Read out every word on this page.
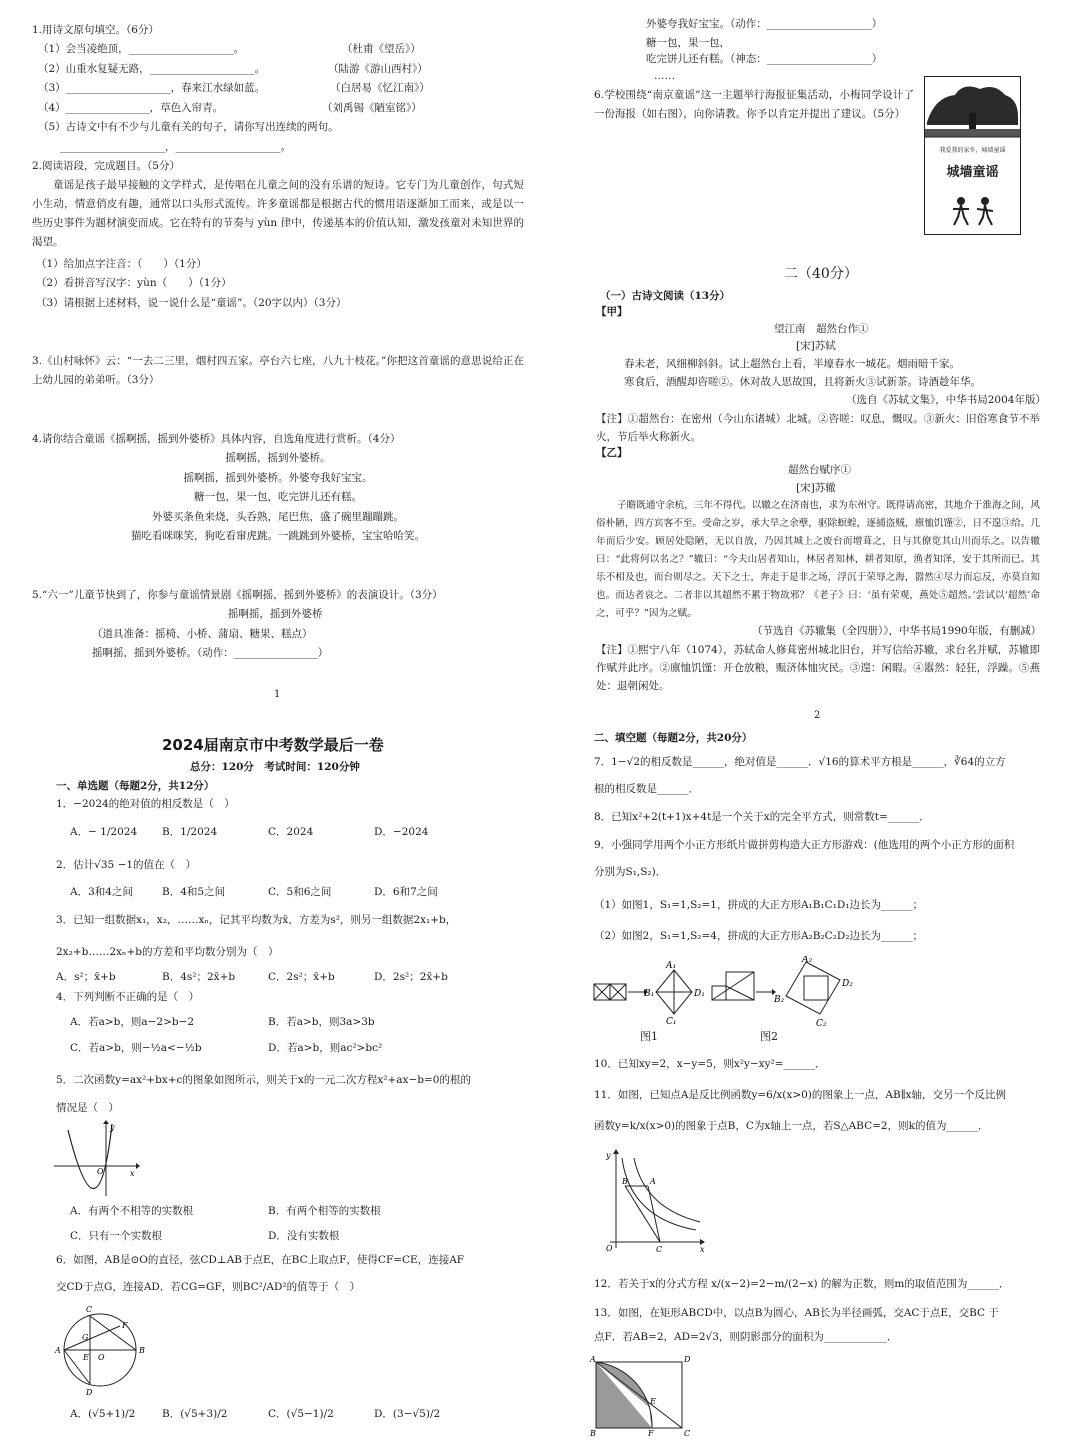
1.用诗文原句填空。（6分）
（1）会当凌绝顶，____________________。	（杜甫《望岳》）
（2）山重水复疑无路，____________________。	（陆游《游山西村》）
（3）____________________，春来江水绿如蓝。	（白居易《忆江南》）
（4）________________，草色入帘青。	（刘禹锡《陋室铭》）
（5）古诗文中有不少与儿童有关的句子，请你写出连续的两句。
____________________，____________________。
2.阅读语段，完成题目。（5分）
童谣是孩子最早接触的文学样式，是传唱在儿童之间的没有乐谱的短诗。它专门为儿童创作，句式短小生动，情意俏皮有趣，通常以口头形式流传。许多童谣都是根据古代的惯用语逐渐加工而来，或是以一些历史事件为题材演变而成。它在特有的节奏与 yùn 律中，传递基本的价值认知，激发孩童对未知世界的渴望。
（1）给加点字注音：（　　）（1分）
（2）看拼音写汉字：yùn（　　）（1分）
（3）请根据上述材料，说一说什么是“童谣”。（20字以内）（3分）
3.《山村咏怀》云：“一去二三里，烟村四五家。亭台六七座，八九十枝花。”你把这首童谣的意思说给正在上幼儿园的弟弟听。（3分）
4.请你结合童谣《摇啊摇，摇到外婆桥》具体内容，自选角度进行赏析。（4分）
摇啊摇，摇到外婆桥。
摇啊摇，摇到外婆桥。外婆夸我好宝宝。
糖一包，果一包，吃完饼儿还有糕。
外婆买条鱼来烧，头呑熟，尾巴焦，盛了碗里蹦蹦跳。
猫吃看咪咪笑，狗吃看窜虎跳。一跳跳到外婆桥，宝宝哈哈笑。
5.“六一”儿童节快到了，你参与童谣情景剧《摇啊摇，摇到外婆桥》的表演设计。（3分）
摇啊摇，摇到外婆桥
（道具准备：摇椅、小桥、蒲扇、糖果、糕点）
摇啊摇，摇到外婆桥。（动作：________________）
1
外婆夸我好宝宝。（动作：____________________）
糖一包，果一包，
吃完饼儿还有糕。（神态：____________________）
……
6.学校围绕“南京童谣”这一主题举行海报征集活动，小梅同学设计了一份海报（如右图），向你请教。你予以肯定并提出了建议。（5分）
我爱我的家乡，城墙童谣
城墙童谣
二（40分）
（一）古诗文阅读（13分）
【甲】
望江南　超然台作①
[宋]苏轼
春未老，风细柳斜斜。试上超然台上看，半壕春水一城花。烟雨暗千家。
寒食后，酒醒却咨嗟②。休对故人思故国，且将新火③试新茶。诗酒趁年华。
（选自《苏轼文集》，中华书局2004年版）
【注】①超然台：在密州（今山东诸城）北城。②咨嗟：叹息，慨叹。③新火：旧俗寒食节不举火，节后举火称新火。
【乙】
超然台赋序①
[宋]苏辙
子瞻既通守余杭，三年不得代。以辙之在济南也，求为东州守。既得请高密，其地介于淮海之间，风俗朴陋，四方宾客不至。受命之岁，承大旱之余孽，驱除螟蝗，逐捕盗贼，廪恤饥馑②，日不遑③给。几年而后少安。顾居处隐陋，无以自放，乃因其城上之废台而增葺之，日与其僚览其山川而乐之。以告辙曰：“此将何以名之？”辙曰：“今夫山居者知山，林居者知林，耕者知原，渔者知泽，安于其所而已。其乐不相及也，而台则尽之。天下之士，奔走于是非之场，浮沉于荣辱之海，嚣然④尽力而忘反，亦莫自知也。而达者哀之。二者非以其超然不累于物故邪？《老子》曰：‘虽有荣观，燕处⑤超然。’尝试以‘超然’命之，可乎？”因为之赋。
（节选自《苏辙集（全四册）》，中华书局1990年版，有删减）
【注】①熙宁八年（1074），苏轼命人修葺密州城北旧台，并写信给苏辙，求台名并赋，苏辙即作赋并此序。②廪恤饥馑：开仓放粮，赈济体恤灾民。③遑：闲暇。④嚣然：轻狂，浮躁。⑤燕处：退朝闲处。
2
2024届南京市中考数学最后一卷
总分：120分　考试时间：120分钟
一、单选题（每题2分，共12分）
1．−2024的绝对值的相反数是（　）
A．− 1/2024 B．1/2024	C．2024	D．−2024
2．估计√35 −1的值在（　）
A．3和4之间	B．4和5之间	C．5和6之间	D．6和7之间
3．已知一组数据x₁，x₂，……xₙ，记其平均数为x̄，方差为s²，则另一组数据2x₁+b，
2x₂+b……2xₙ+b的方差和平均数分别为（　）
A．s²；x̄+b	B．4s²；2x̄+b	C．2s²；x̄+b	D．2s²；2x̄+b
4．下列判断不正确的是（　）
A．若a>b，则a−2>b−2	B．若a>b，则3a>3b
C．若a>b，则−½a<−½b	D．若a>b，则ac²>bc²
5．二次函数y=ax²+bx+c的图象如图所示，则关于x的一元二次方程x²+ax−b=0的根的
情况是（　）
y
x
O
A．有两个不相等的实数根	B．有两个相等的实数根
C．只有一个实数根	D．没有实数根
6．如图，AB是⊙O的直径，弦CD⊥AB于点E，在BC上取点F，使得CF=CE，连接AF
交CD于点G，连接AD．若CG=GF，则BC²/AD²的值等于（　）
C
A	B
D
F
G
E O
A．(√5+1)/2	B．(√5+3)/2	C．(√5−1)/2	D．(3−√5)/2
二、填空题（每题2分，共20分）
7．1−√2的相反数是______，绝对值是______．√16的算术平方根是______，∛64的立方
根的相反数是______．
8．已知x²+2(t+1)x+4t是一个关于x的完全平方式，则常数t=______．
9．小强同学用两个小正方形纸片做拼剪构造大正方形游戏：(他选用的两个小正方形的面积
分别为S₁,S₂)．
（1）如图1，S₁=1,S₂=1，拼成的大正方形A₁B₁C₁D₁边长为______；
（2）如图2，S₁=1,S₂=4，拼成的大正方形A₂B₂C₂D₂边长为______；
A₁
B₁	D₁
C₁
A₂
B₂
D₂
C₂
图1	图2
10．已知xy=2，x−y=5，则x²y−xy²=______．
11．如图，已知点A是反比例函数y=6/x(x>0)的图象上一点，AB∥x轴，交另一个反比例
函数y=k/x(x>0)的图象于点B，C为x轴上一点，若S△ABC=2，则k的值为______．
y
x
O
B	A
C
12．若关于x的分式方程 x/(x−2)=2−m/(2−x) 的解为正数，则m的取值范围为______．
13．如图，在矩形ABCD中，以点B为圆心，AB长为半径画弧，交AC于点E，交BC 于
点F．若AB=2，AD=2√3，则阴影部分的面积为____________．
A	D
B	C
E
F
